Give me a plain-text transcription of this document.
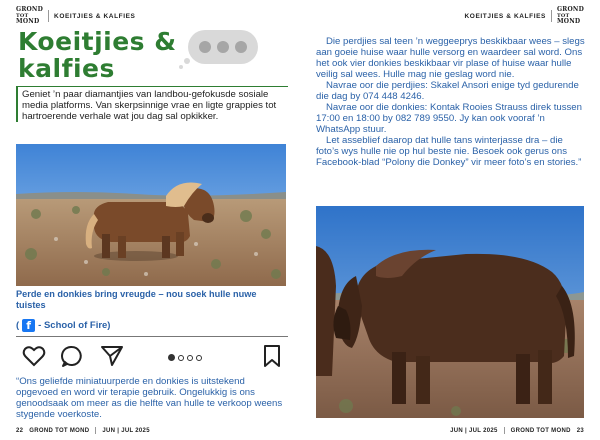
GROND
TOT
MOND
KOEITJIES & KALFIES
Koeitjies &
kalfies
Geniet ’n paar diamantjies van landbou-gefokusde sosiale media platforms. Van skerpsinnige vrae en ligte grappies tot hartroerende verhale wat jou dag sal opkikker.
Perde en donkies bring vreugde – nou soek hulle nuwe tuistes
( f - School of Fire)
“Ons geliefde miniatuurperde en donkies is uitstekend opgevoed en word vir terapie gebruik. Ongelukkig is ons genoodsaak om meer as die helfte van hulle te verkoop weens stygende voerkoste.
22 GROND TOT MOND JUN | JUL 2025
KOEITJIES & KALFIES
GROND
TOT
MOND

Die perdjies sal teen ’n weggeeprys beskikbaar wees – slegs aan goeie huise waar hulle versorg en waardeer sal word. Ons het ook vier donkies beskikbaar vir plase of huise waar hulle veilig sal wees. Hulle mag nie geslag word nie.

Navrae oor die perdjies: Skakel Ansori enige tyd gedurende die dag by 074 448 4246.

Navrae oor die donkies: Kontak Rooies Strauss direk tussen 17:00 en 18:00 by 082 789 9550. Jy kan ook vooraf ’n WhatsApp stuur.

Let asseblief daarop dat hulle tans winterjasse dra – die foto’s wys hulle nie op hul beste nie. Besoek ook gerus ons Facebook-blad “Polony die Donkey” vir meer foto’s en stories.”

JUN | JUL 2025 GROND TOT MOND 23
